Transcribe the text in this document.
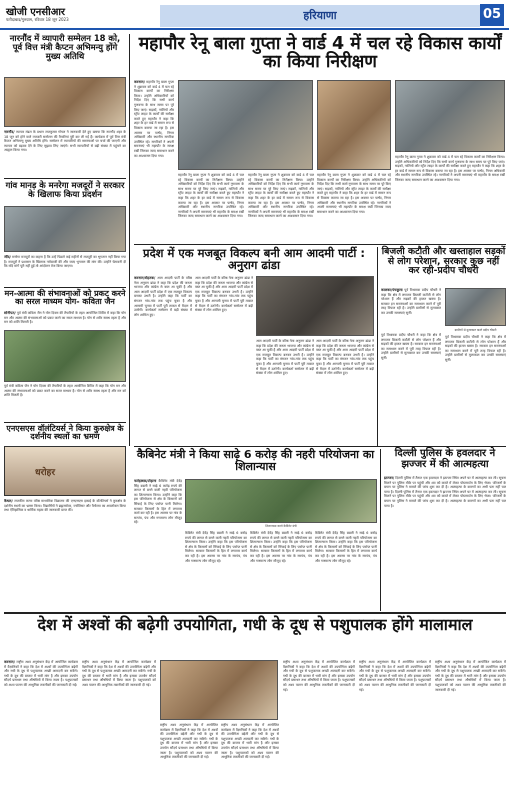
खोजी एनसीआर
फरीदाबाद/गुरुग्राम, रविवार 18 जून 2023	हरियाणा	05
नारनौंद में व्यापारी सम्मेलन 18 को, पूर्व वित्त मंत्री कैप्टन अभिमन्यु होंगे मुख्य अतिथि
नारनौंद/ व्यापार मंडल के प्रधान राजकुमार गोयल ने जानकारी देते हुए बताया कि नारनौंद शहर के 18 जून को होने वाले व्यापारी सम्मेलन की तैयारियां पूरी कर ली गई हैं। कार्यक्रम में पूर्व वित्त मंत्री कैप्टन अभिमन्यु मुख्य अतिथि होंगे। सम्मेलन में व्यापारियों की समस्याओं पर चर्चा की जाएगी और व्यापार को बढ़ावा देने के लिए सुझाव लिए जाएंगे। सभी व्यापारियों से बड़ी संख्या में पहुंचने का आह्वान किया गया।
गांव मानड़ के मनरेगा मजदूरों ने सरकार के खिलाफ किया प्रदर्शन
जींद/ मनरेगा मजदूरों का कहना है कि उन्हें पिछले कई महीनों से मजदूरी का भुगतान नहीं किया गया है। मजदूरों ने प्रशासन के खिलाफ नारेबाजी की और जल्द भुगतान की मांग की। उन्होंने चेतावनी दी कि यदि मांगें पूरी नहीं हुईं तो आंदोलन तेज किया जाएगा।
मन-आत्मा की संभावनाओं को प्रकट करने का सरल माध्यम योग- कविता जैन
सोनीपत/ पूर्व मंत्री कविता जैन ने योग दिवस की तैयारियों के तहत आयोजित शिविर में कहा कि योग मन और आत्मा की संभावनाओं को प्रकट करने का सरल माध्यम है। योग से शरीर स्वस्थ रहता है और मन को शांति मिलती है।
पूर्व मंत्री कविता जैन ने योग दिवस की तैयारियों के तहत आयोजित शिविर में कहा कि योग मन और आत्मा की संभावनाओं को प्रकट करने का सरल माध्यम है। योग से शरीर स्वस्थ रहता है और मन को शांति मिलती है।
एनएसएस वॉलंटियर्स ने किया कुरुक्षेत्र के दर्शनीय स्थलों का भ्रमण
धरोहर
कैथल/ राजकीय कन्या वरिष्ठ माध्यमिक विद्यालय की एनएसएस इकाई के वॉलंटियर्स ने कुरुक्षेत्र के दर्शनीय स्थलों का भ्रमण किया। विद्यार्थियों ने ब्रह्मसरोवर, ज्योतिसर और पैनोरमा का अवलोकन किया तथा ऐतिहासिक व धार्मिक महत्व की जानकारी प्राप्त की।
महापौर रेनू बाला गुप्ता ने वार्ड 4 में चल रहे विकास कार्यों का किया निरीक्षण
करनाल/ महापौर रेनू बाला गुप्ता ने शुक्रवार को वार्ड 4 में चल रहे विकास कार्यों का निरीक्षण किया। उन्होंने अधिकारियों को निर्देश दिए कि सभी कार्य गुणवत्ता के साथ समय पर पूरे किए जाएं। सड़कों, नालियों और स्ट्रीट लाइट के कार्यों की समीक्षा करते हुए महापौर ने कहा कि शहर के हर वार्ड में समान रूप से विकास कराया जा रहा है। इस अवसर पर पार्षद, निगम अधिकारी और स्थानीय नागरिक उपस्थित रहे। नागरिकों ने अपनी समस्याएं भी महापौर के समक्ष रखीं जिनका जल्द समाधान करने का आश्वासन दिया गया।	महापौर रेनू बाला गुप्ता ने शुक्रवार को वार्ड 4 में चल रहे विकास कार्यों का निरीक्षण किया। उन्होंने अधिकारियों को निर्देश दिए कि सभी कार्य गुणवत्ता के साथ समय पर पूरे किए जाएं। सड़कों, नालियों और स्ट्रीट लाइट के कार्यों की समीक्षा करते हुए महापौर ने कहा कि शहर के हर वार्ड में समान रूप से विकास कराया जा रहा है। इस अवसर पर पार्षद, निगम अधिकारी और स्थानीय नागरिक उपस्थित रहे। नागरिकों ने अपनी समस्याएं भी महापौर के समक्ष रखीं जिनका जल्द समाधान करने का आश्वासन दिया गया।
महापौर रेनू बाला गुप्ता ने शुक्रवार को वार्ड 4 में चल रहे विकास कार्यों का निरीक्षण किया। उन्होंने अधिकारियों को निर्देश दिए कि सभी कार्य गुणवत्ता के साथ समय पर पूरे किए जाएं। सड़कों, नालियों और स्ट्रीट लाइट के कार्यों की समीक्षा करते हुए महापौर ने कहा कि शहर के हर वार्ड में समान रूप से विकास कराया जा रहा है। इस अवसर पर पार्षद, निगम अधिकारी और स्थानीय नागरिक उपस्थित रहे। नागरिकों ने अपनी समस्याएं भी महापौर के समक्ष रखीं जिनका जल्द समाधान करने का आश्वासन दिया गया।
महापौर रेनू बाला गुप्ता ने शुक्रवार को वार्ड 4 में चल रहे विकास कार्यों का निरीक्षण किया। उन्होंने अधिकारियों को निर्देश दिए कि सभी कार्य गुणवत्ता के साथ समय पर पूरे किए जाएं। सड़कों, नालियों और स्ट्रीट लाइट के कार्यों की समीक्षा करते हुए महापौर ने कहा कि शहर के हर वार्ड में समान रूप से विकास कराया जा रहा है। इस अवसर पर पार्षद, निगम अधिकारी और स्थानीय नागरिक उपस्थित रहे। नागरिकों ने अपनी समस्याएं भी महापौर के समक्ष रखीं जिनका जल्द समाधान करने का आश्वासन दिया गया।
महापौर रेनू बाला गुप्ता ने शुक्रवार को वार्ड 4 में चल रहे विकास कार्यों का निरीक्षण किया। उन्होंने अधिकारियों को निर्देश दिए कि सभी कार्य गुणवत्ता के साथ समय पर पूरे किए जाएं। सड़कों, नालियों और स्ट्रीट लाइट के कार्यों की समीक्षा करते हुए महापौर ने कहा कि शहर के हर वार्ड में समान रूप से विकास कराया जा रहा है। इस अवसर पर पार्षद, निगम अधिकारी और स्थानीय नागरिक उपस्थित रहे। नागरिकों ने अपनी समस्याएं भी महापौर के समक्ष रखीं जिनका जल्द समाधान करने का आश्वासन दिया गया।
प्रदेश में एक मजबूत विकल्प बनी आम आदमी पार्टी : अनुराग ढांडा
करनाल/रोहतक/ आम आदमी पार्टी के वरिष्ठ नेता अनुराग ढांडा ने कहा कि प्रदेश की जनता भाजपा और कांग्रेस से त्रस्त आ चुकी है और आम आदमी पार्टी प्रदेश में एक मजबूत विकल्प बनकर उभरी है। उन्होंने कहा कि पार्टी का संगठन गांव-गांव तक पहुंच चुका है और आगामी चुनाव में पार्टी पूरी ताकत से मैदान में उतरेगी। कार्यकर्ता सम्मेलन में बड़ी संख्या में लोग शामिल हुए।
आम आदमी पार्टी के वरिष्ठ नेता अनुराग ढांडा ने कहा कि प्रदेश की जनता भाजपा और कांग्रेस से त्रस्त आ चुकी है और आम आदमी पार्टी प्रदेश में एक मजबूत विकल्प बनकर उभरी है। उन्होंने कहा कि पार्टी का संगठन गांव-गांव तक पहुंच चुका है और आगामी चुनाव में पार्टी पूरी ताकत से मैदान में उतरेगी। कार्यकर्ता सम्मेलन में बड़ी संख्या में लोग शामिल हुए।
आम आदमी पार्टी के वरिष्ठ नेता अनुराग ढांडा ने कहा कि प्रदेश की जनता भाजपा और कांग्रेस से त्रस्त आ चुकी है और आम आदमी पार्टी प्रदेश में एक मजबूत विकल्प बनकर उभरी है। उन्होंने कहा कि पार्टी का संगठन गांव-गांव तक पहुंच चुका है और आगामी चुनाव में पार्टी पूरी ताकत से मैदान में उतरेगी। कार्यकर्ता सम्मेलन में बड़ी संख्या में लोग शामिल हुए।
आम आदमी पार्टी के वरिष्ठ नेता अनुराग ढांडा ने कहा कि प्रदेश की जनता भाजपा और कांग्रेस से त्रस्त आ चुकी है और आम आदमी पार्टी प्रदेश में एक मजबूत विकल्प बनकर उभरी है। उन्होंने कहा कि पार्टी का संगठन गांव-गांव तक पहुंच चुका है और आगामी चुनाव में पार्टी पूरी ताकत से मैदान में उतरेगी। कार्यकर्ता सम्मेलन में बड़ी संख्या में लोग शामिल हुए।
बिजली कटौती और खस्ताहाल सड़कों से लोग परेशान, सरकार कुछ नहीं कर रही-प्रदीप चौधरी
कालका/पंचकूला पूर्व विधायक प्रदीप चौधरी ने कहा कि क्षेत्र में लगातार बिजली कटौती से लोग परेशान हैं और सड़कों की हालत खस्ता है। सरकार इन समस्याओं का समाधान करने में पूरी तरह विफल रही है। उन्होंने ग्रामीणों से मुलाकात कर उनकी समस्याएं सुनीं।
ग्रामीणों से मुलाकात करते प्रदीप चौधरी
पूर्व विधायक प्रदीप चौधरी ने कहा कि क्षेत्र में लगातार बिजली कटौती से लोग परेशान हैं और सड़कों की हालत खस्ता है। सरकार इन समस्याओं का समाधान करने में पूरी तरह विफल रही है। उन्होंने ग्रामीणों से मुलाकात कर उनकी समस्याएं सुनीं।
पूर्व विधायक प्रदीप चौधरी ने कहा कि क्षेत्र में लगातार बिजली कटौती से लोग परेशान हैं और सड़कों की हालत खस्ता है। सरकार इन समस्याओं का समाधान करने में पूरी तरह विफल रही है। उन्होंने ग्रामीणों से मुलाकात कर उनकी समस्याएं सुनीं।
कैबिनेट मंत्री ने किया साढ़े 6 करोड़ की नहरी परियोजना का शिलान्यास
फतेहाबाद/टोहाना कैबिनेट मंत्री देवेंद्र सिंह बबली ने साढ़े 6 करोड़ रुपये की लागत से बनने वाली नहरी परियोजना का शिलान्यास किया। उन्होंने कहा कि इस परियोजना से क्षेत्र के किसानों को सिंचाई के लिए पर्याप्त पानी मिलेगा। सरकार किसानों के हित में लगातार कार्य कर रही है। इस अवसर पर गांव के सरपंच, पंच और गणमान्य लोग मौजूद रहे।
शिलान्यास करते कैबिनेट मंत्री
कैबिनेट मंत्री देवेंद्र सिंह बबली ने साढ़े 6 करोड़ रुपये की लागत से बनने वाली नहरी परियोजना का शिलान्यास किया। उन्होंने कहा कि इस परियोजना से क्षेत्र के किसानों को सिंचाई के लिए पर्याप्त पानी मिलेगा। सरकार किसानों के हित में लगातार कार्य कर रही है। इस अवसर पर गांव के सरपंच, पंच और गणमान्य लोग मौजूद रहे।
कैबिनेट मंत्री देवेंद्र सिंह बबली ने साढ़े 6 करोड़ रुपये की लागत से बनने वाली नहरी परियोजना का शिलान्यास किया। उन्होंने कहा कि इस परियोजना से क्षेत्र के किसानों को सिंचाई के लिए पर्याप्त पानी मिलेगा। सरकार किसानों के हित में लगातार कार्य कर रही है। इस अवसर पर गांव के सरपंच, पंच और गणमान्य लोग मौजूद रहे।
कैबिनेट मंत्री देवेंद्र सिंह बबली ने साढ़े 6 करोड़ रुपये की लागत से बनने वाली नहरी परियोजना का शिलान्यास किया। उन्होंने कहा कि इस परियोजना से क्षेत्र के किसानों को सिंचाई के लिए पर्याप्त पानी मिलेगा। सरकार किसानों के हित में लगातार कार्य कर रही है। इस अवसर पर गांव के सरपंच, पंच और गणमान्य लोग मौजूद रहे।
दिल्ली पुलिस के हवलदार ने झज्जर में की आत्महत्या
झज्जर/ दिल्ली पुलिस में तैनात एक हवलदार ने झज्जर स्थित अपने घर में आत्महत्या कर ली। सूचना मिलने पर पुलिस मौके पर पहुंची और शव को कब्जे में लेकर पोस्टमार्टम के लिए भेजा। परिजनों के बयान पर पुलिस ने मामले की जांच शुरू कर दी है। आत्महत्या के कारणों का अभी पता नहीं चल पाया है। दिल्ली पुलिस में तैनात एक हवलदार ने झज्जर स्थित अपने घर में आत्महत्या कर ली। सूचना मिलने पर पुलिस मौके पर पहुंची और शव को कब्जे में लेकर पोस्टमार्टम के लिए भेजा। परिजनों के बयान पर पुलिस ने मामले की जांच शुरू कर दी है। आत्महत्या के कारणों का अभी पता नहीं चल पाया है।
देश में अश्वों की बढ़ेगी उपयोगिता, गधी के दूध से पशुपालक होंगे मालामाल
करनाल/ राष्ट्रीय अश्व अनुसंधान केंद्र में आयोजित कार्यक्रम में वैज्ञानिकों ने कहा कि देश में अश्वों की उपयोगिता बढ़ेगी और गधी के दूध से पशुपालक अच्छी आमदनी कर सकेंगे। गधी के दूध की बाजार में भारी मांग है और इसका उपयोग सौंदर्य प्रसाधन तथा औषधियों में किया जाता है। पशुपालकों को अश्व पालन की आधुनिक तकनीकों की जानकारी दी गई।
राष्ट्रीय अश्व अनुसंधान केंद्र में आयोजित कार्यक्रम में वैज्ञानिकों ने कहा कि देश में अश्वों की उपयोगिता बढ़ेगी और गधी के दूध से पशुपालक अच्छी आमदनी कर सकेंगे। गधी के दूध की बाजार में भारी मांग है और इसका उपयोग सौंदर्य प्रसाधन तथा औषधियों में किया जाता है। पशुपालकों को अश्व पालन की आधुनिक तकनीकों की जानकारी दी गई।
राष्ट्रीय अश्व अनुसंधान केंद्र में आयोजित कार्यक्रम में वैज्ञानिकों ने कहा कि देश में अश्वों की उपयोगिता बढ़ेगी और गधी के दूध से पशुपालक अच्छी आमदनी कर सकेंगे। गधी के दूध की बाजार में भारी मांग है और इसका उपयोग सौंदर्य प्रसाधन तथा औषधियों में किया जाता है। पशुपालकों को अश्व पालन की आधुनिक तकनीकों की जानकारी दी गई।
राष्ट्रीय अश्व अनुसंधान केंद्र में आयोजित कार्यक्रम में वैज्ञानिकों ने कहा कि देश में अश्वों की उपयोगिता बढ़ेगी और गधी के दूध से पशुपालक अच्छी आमदनी कर सकेंगे। गधी के दूध की बाजार में भारी मांग है और इसका उपयोग सौंदर्य प्रसाधन तथा औषधियों में किया जाता है। पशुपालकों को अश्व पालन की आधुनिक तकनीकों की जानकारी दी गई।
राष्ट्रीय अश्व अनुसंधान केंद्र में आयोजित कार्यक्रम में वैज्ञानिकों ने कहा कि देश में अश्वों की उपयोगिता बढ़ेगी और गधी के दूध से पशुपालक अच्छी आमदनी कर सकेंगे। गधी के दूध की बाजार में भारी मांग है और इसका उपयोग सौंदर्य प्रसाधन तथा औषधियों में किया जाता है। पशुपालकों को अश्व पालन की आधुनिक तकनीकों की जानकारी दी गई।
राष्ट्रीय अश्व अनुसंधान केंद्र में आयोजित कार्यक्रम में वैज्ञानिकों ने कहा कि देश में अश्वों की उपयोगिता बढ़ेगी और गधी के दूध से पशुपालक अच्छी आमदनी कर सकेंगे। गधी के दूध की बाजार में भारी मांग है और इसका उपयोग सौंदर्य प्रसाधन तथा औषधियों में किया जाता है। पशुपालकों को अश्व पालन की आधुनिक तकनीकों की जानकारी दी गई।
राष्ट्रीय अश्व अनुसंधान केंद्र में आयोजित कार्यक्रम में वैज्ञानिकों ने कहा कि देश में अश्वों की उपयोगिता बढ़ेगी और गधी के दूध से पशुपालक अच्छी आमदनी कर सकेंगे। गधी के दूध की बाजार में भारी मांग है और इसका उपयोग सौंदर्य प्रसाधन तथा औषधियों में किया जाता है। पशुपालकों को अश्व पालन की आधुनिक तकनीकों की जानकारी दी गई।
